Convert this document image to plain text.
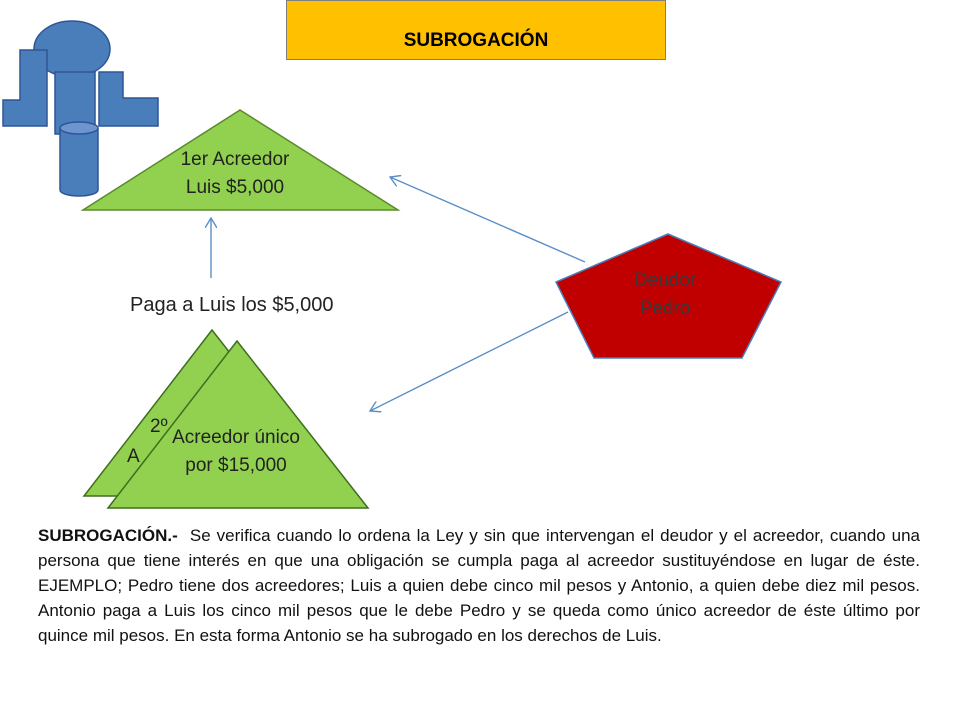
SUBROGACIÓN
1er Acreedor
Luis $5,000
Deudor
Pedro
Paga a Luis los $5,000
2º
A
Acreedor único
por $15,000
SUBROGACIÓN.- Se verifica cuando lo ordena la Ley y sin que intervengan el deudor y el acreedor, cuando una persona que tiene interés en que una obligación se cumpla paga al acreedor sustituyéndose en lugar de éste. EJEMPLO; Pedro tiene dos acreedores; Luis a quien debe cinco mil pesos y Antonio, a quien debe diez mil pesos. Antonio paga a Luis los cinco mil pesos que le debe Pedro y se queda como único acreedor de éste último por quince mil pesos. En esta forma Antonio se ha subrogado en los derechos de Luis.
